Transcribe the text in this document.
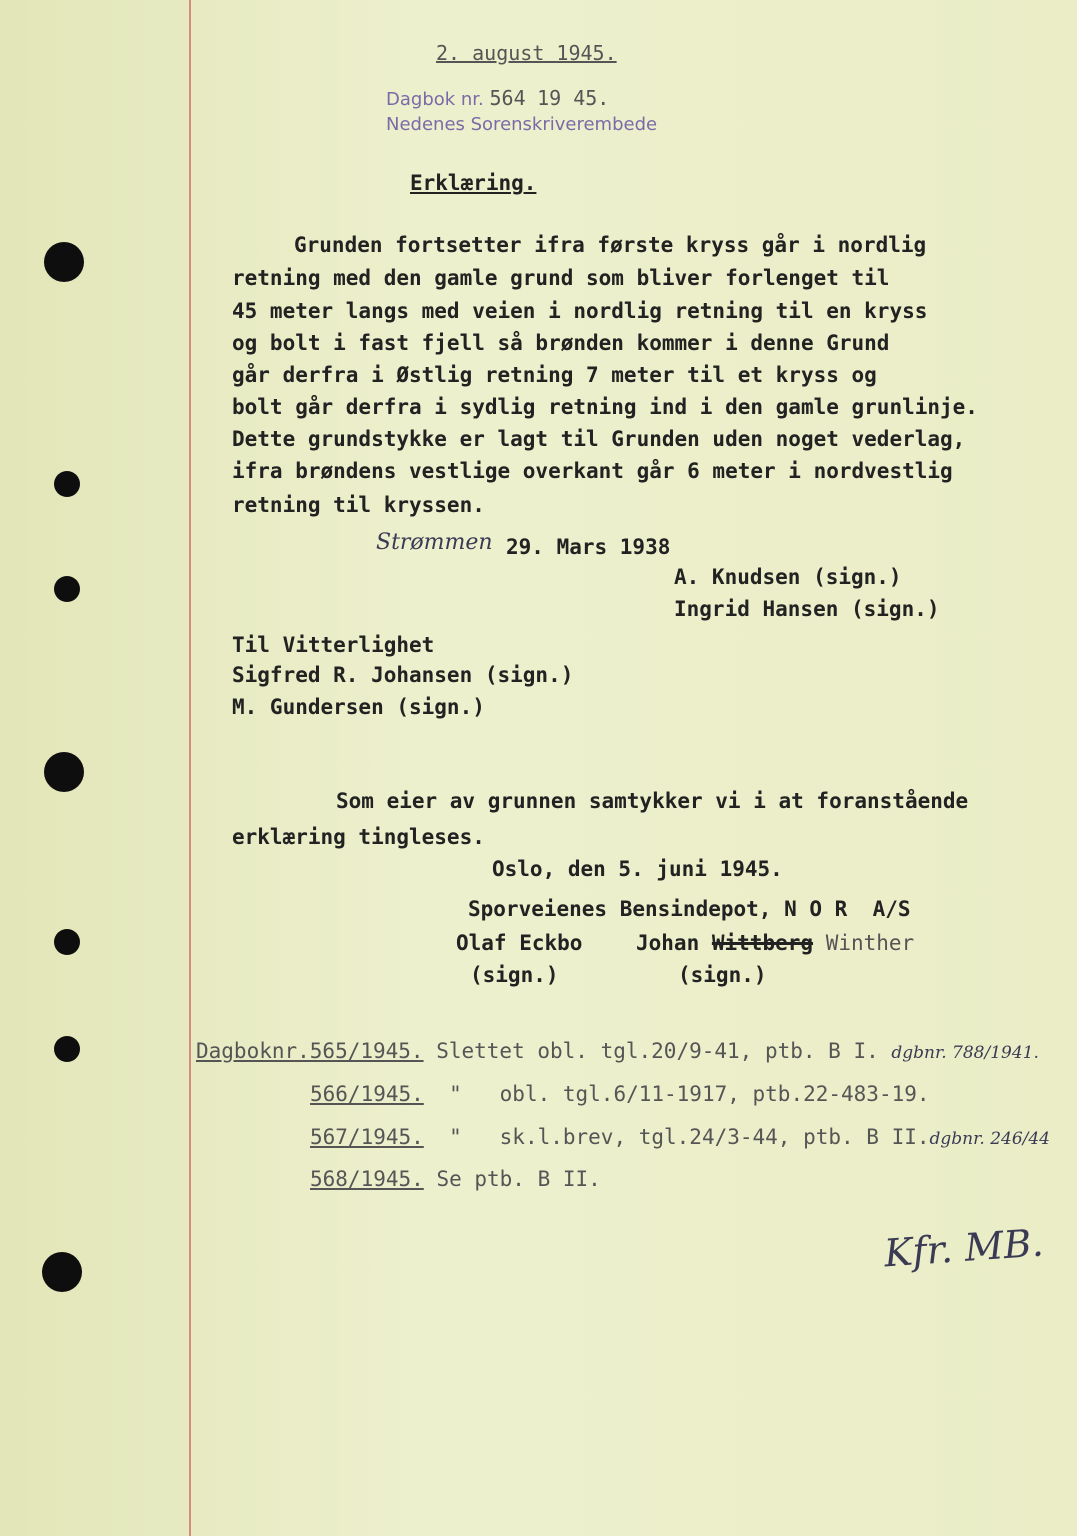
2. august 1945.
Dagbok nr. 564 19 45.
Nedenes Sorenskriverembede
Erklæring.
Grunden fortsetter ifra første kryss går i nordlig
retning med den gamle grund som bliver forlenget til
45 meter langs med veien i nordlig retning til en kryss
og bolt i fast fjell så brønden kommer i denne Grund
går derfra i Østlig retning 7 meter til et kryss og
bolt går derfra i sydlig retning ind i den gamle grunlinje.
Dette grundstykke er lagt til Grunden uden noget vederlag,
ifra brøndens vestlige overkant går 6 meter i nordvestlig
retning til kryssen.
Strømmen 29. Mars 1938
A. Knudsen (sign.)
Ingrid Hansen (sign.)
Til Vitterlighet
Sigfred R. Johansen (sign.)
M. Gundersen (sign.)
Som eier av grunnen samtykker vi i at foranstående
erklæring tingleses.
Oslo, den 5. juni 1945.
Sporveienes Bensindepot, N O R  A/S
Olaf Eckbo	Johan Wittberg Winther
(sign.)	(sign.)
Dagboknr.565/1945. Slettet obl. tgl.20/9-41, ptb. B I. dgbnr. 788/1941.
566/1945.  "   obl. tgl.6/11-1917, ptb.22-483-19.
567/1945.  "   sk.l.brev, tgl.24/3-44, ptb. B II.dgbnr. 246/44
568/1945. Se ptb. B II.
Kfr. MB.
